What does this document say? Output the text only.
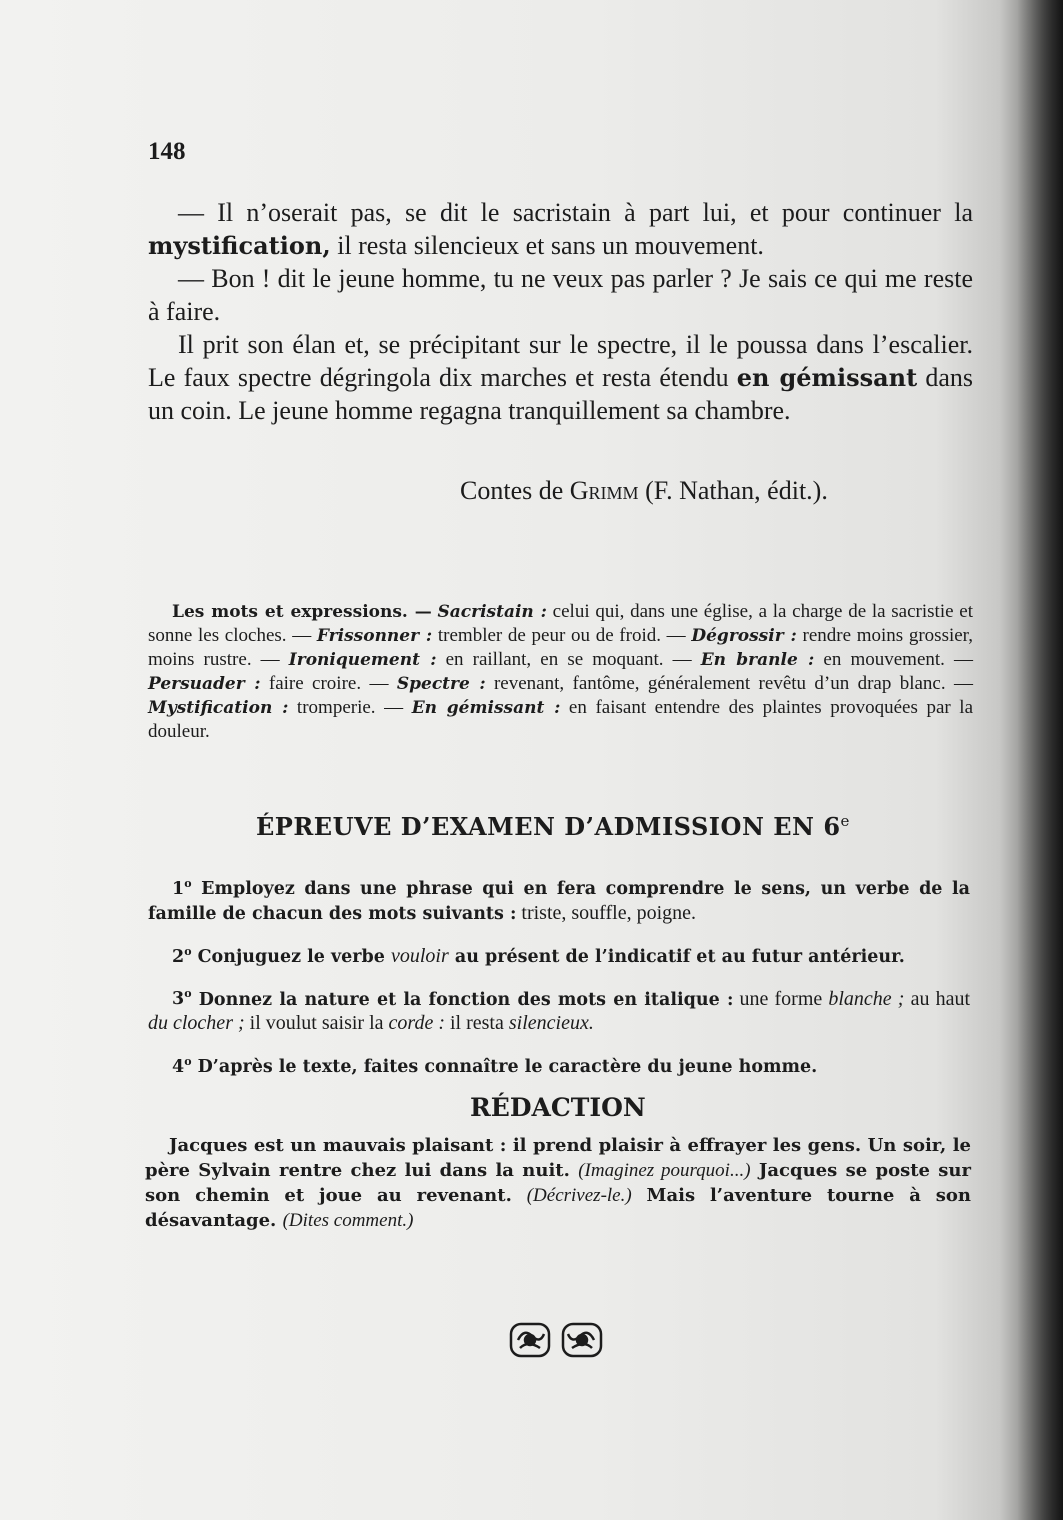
148

— Il n’oserait pas, se dit le sacristain à part lui, et pour continuer la mystification, il resta silencieux et sans un mouvement.

— Bon ! dit le jeune homme, tu ne veux pas parler ? Je sais ce qui me reste à faire.

Il prit son élan et, se précipitant sur le spectre, il le poussa dans l’escalier. Le faux spectre dégringola dix marches et resta étendu en gémissant dans un coin. Le jeune homme regagna tranquillement sa chambre.

Contes de Grimm (F. Nathan, édit.).
Les mots et expressions. — Sacristain : celui qui, dans une église, a la charge de la sacristie et sonne les cloches. — Frissonner : trembler de peur ou de froid. — Dégrossir : rendre moins grossier, moins rustre. — Ironiquement : en raillant, en se moquant. — En branle : en mouvement. — Persuader : faire croire. — Spectre : revenant, fantôme, généralement revêtu d’un drap blanc. — Mystification : tromperie. — En gémissant : en faisant entendre des plaintes provoquées par la douleur.
ÉPREUVE D’EXAMEN D’ADMISSION EN 6e

1$^o$ Employez dans une phrase qui en fera comprendre le sens, un verbe de la famille de chacun des mots suivants : triste, souffle, poigne.

2$^o$ Conjuguez le verbe vouloir au présent de l’indicatif et au futur antérieur.

3$^o$ Donnez la nature et la fonction des mots en italique : une forme blanche ; au haut du clocher ; il voulut saisir la corde : il resta silencieux.

4$^o$ D’après le texte, faites connaître le caractère du jeune homme.

RÉDACTION
Jacques est un mauvais plaisant : il prend plaisir à effrayer les gens. Un soir, le père Sylvain rentre chez lui dans la nuit. (Imaginez pourquoi...) Jacques se poste sur son chemin et joue au revenant. (Décrivez-le.) Mais l’aventure tourne à son désavantage. (Dites comment.)
